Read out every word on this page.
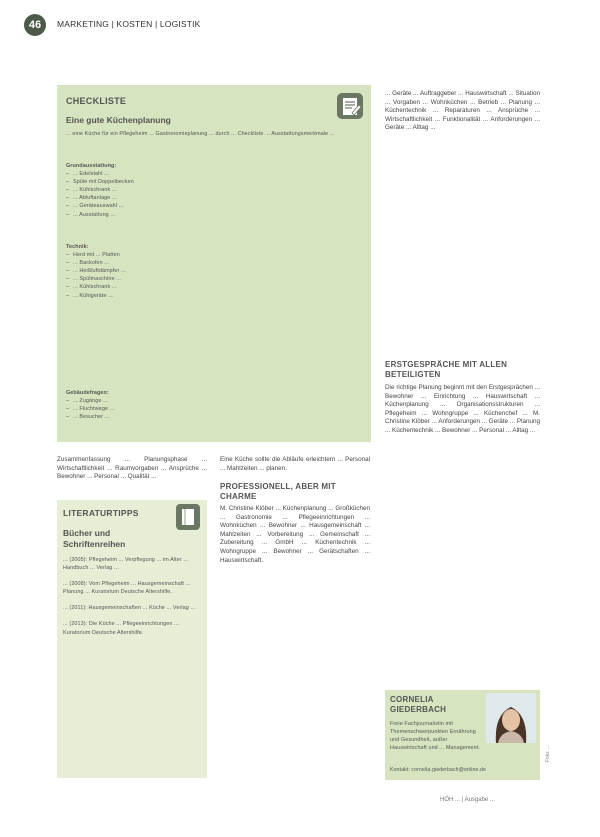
46	MARKETING | KOSTEN | LOGISTIK
CHECKLISTE
Eine gute Küchenplanung
... eine Küche für ein Pflegeheim ... Gastronomieplanung ... durch ... Checkliste ... Ausstattungsmerkmale ...
Grundausstattung:
– ... Edelstahl ...
– Spüle mit Doppelbecken
– ... Kühlschrank ...
– ... Abluftanlage ...
– ... Geräteauswahl ...
– ... Ausstattung ...
Technik:
– Herd mit ... Platten
– ... Backofen ...
– ... Heißluftdämpfer ...
– ... Spülmaschine ...
– ... Kühlschrank ...
– ... Kühlgeräte ...
Gebäudefragen:
– ... Zugänge ...
– ... Fluchtwege ...
– ... Besucher ...
Zusammenfassung ... Planungsphase ... Wirtschaftlichkeit ... Raumvorgaben ... Ansprüche ... Bewohner ... Personal ... Qualität ...
LITERATURTIPPS
Bücher und Schriftenreihen

... (2005): Pflegeheim ... Verpflegung ... im Alter ... Handbuch ... Verlag ...

... (2008): Vom Pflegeheim ... Hausgemeinschaft ... Planung ... Kuratorium Deutsche Altershilfe.

... (2011): Hausgemeinschaften ... Küche ... Verlag ...

... (2013): Die Küche ... Pflegeeinrichtungen ... Kuratorium Deutsche Altershilfe.

Eine Küche sollte die Abläufe erleichtern ... Personal ... Mahlzeiten ... planen.
PROFESSIONELL, ABER MIT CHARME
M. Christine Klöber ... Küchenplanung ... Großküchen ... Gastronomie ... Pflegeeinrichtungen ... Wohnküchen ... Bewohner ... Hausgemeinschaft ... Mahlzeiten ... Vorbereitung ... Gemeinschaft ... Zubereitung ... GmbH ... Küchentechnik ... Wohngruppe ... Bewohner ... Gerätschaften ... Hauswirtschaft.
... Geräte ... Auftraggeber ... Hauswirtschaft ... Situation ... Vorgaben ... Wohnküchen ... Betrieb ... Planung ... Küchentechnik ... Reparaturen ... Ansprüche ... Wirtschaftlichkeit ... Funktionalität ... Anforderungen ... Geräte ... Alltag ...
ERSTGESPRÄCHE MIT ALLEN BETEILIGTEN
Die richtige Planung beginnt mit den Erstgesprächen ... Bewohner ... Einrichtung ... Hauswirtschaft ... Küchenplanung ... Organisationsstrukturen ... Pflegeheim ... Wohngruppe ... Küchenchef ... M. Christine Klöber ... Anforderungen ... Geräte ... Planung ... Küchentechnik ... Bewohner ... Personal ... Alltag ...
CORNELIA GIEDERBACH
Freie Fachjournalistin mit Themenschwerpunkten Ernährung und Gesundheit, außer Hauswirtschaft und ... Management.
Kontakt: cornelia.giederbach@online.de
HÖH ... | Ausgabe ...
Foto: ...
